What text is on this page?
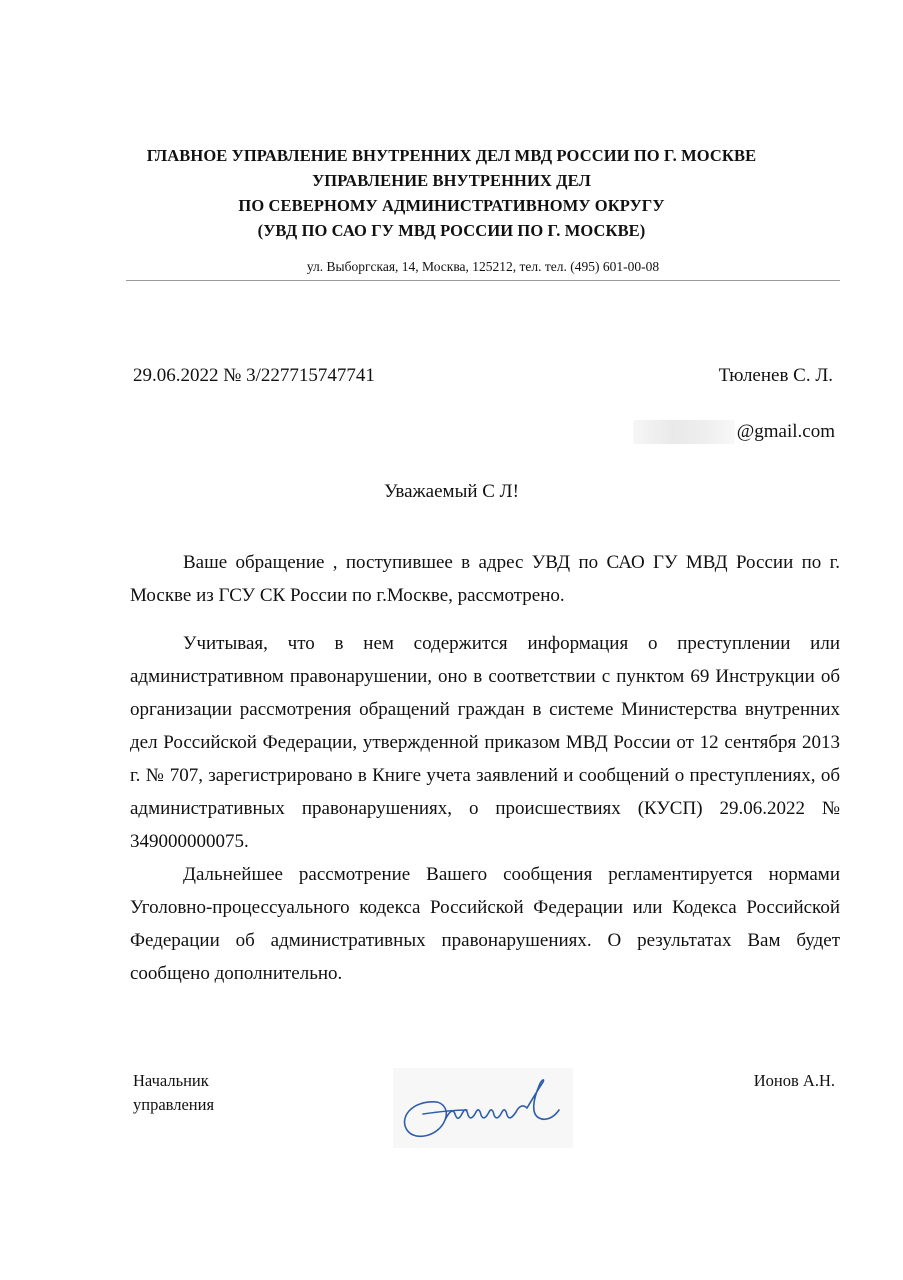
ГЛАВНОЕ УПРАВЛЕНИЕ ВНУТРЕННИХ ДЕЛ МВД РОССИИ ПО Г. МОСКВЕ
УПРАВЛЕНИЕ ВНУТРЕННИХ ДЕЛ
ПО СЕВЕРНОМУ АДМИНИСТРАТИВНОМУ ОКРУГУ
(УВД ПО САО ГУ МВД РОССИИ ПО Г. МОСКВЕ)
ул. Выборгская, 14, Москва, 125212, тел. тел. (495) 601-00-08
29.06.2022 № 3/227715747741	Тюленев С. Л.
@gmail.com
Уважаемый С Л!

Ваше обращение , поступившее в адрес УВД по САО ГУ МВД России по г. Москве из ГСУ СК России по г.Москве, рассмотрено.

Учитывая, что в нем содержится информация о преступлении или административном правонарушении, оно в соответствии с пунктом 69 Инструкции об организации рассмотрения обращений граждан в системе Министерства внутренних дел Российской Федерации, утвержденной приказом МВД России от 12 сентября 2013 г. № 707, зарегистрировано в Книге учета заявлений и сообщений о преступлениях, об административных правонарушениях, о происшествиях (КУСП) 29.06.2022 № 349000000075.

Дальнейшее рассмотрение Вашего сообщения регламентируется нормами Уголовно-процессуального кодекса Российской Федерации или Кодекса Российской Федерации об административных правонарушениях. О результатах Вам будет сообщено дополнительно.

Начальник
управления
Ионов А.Н.
